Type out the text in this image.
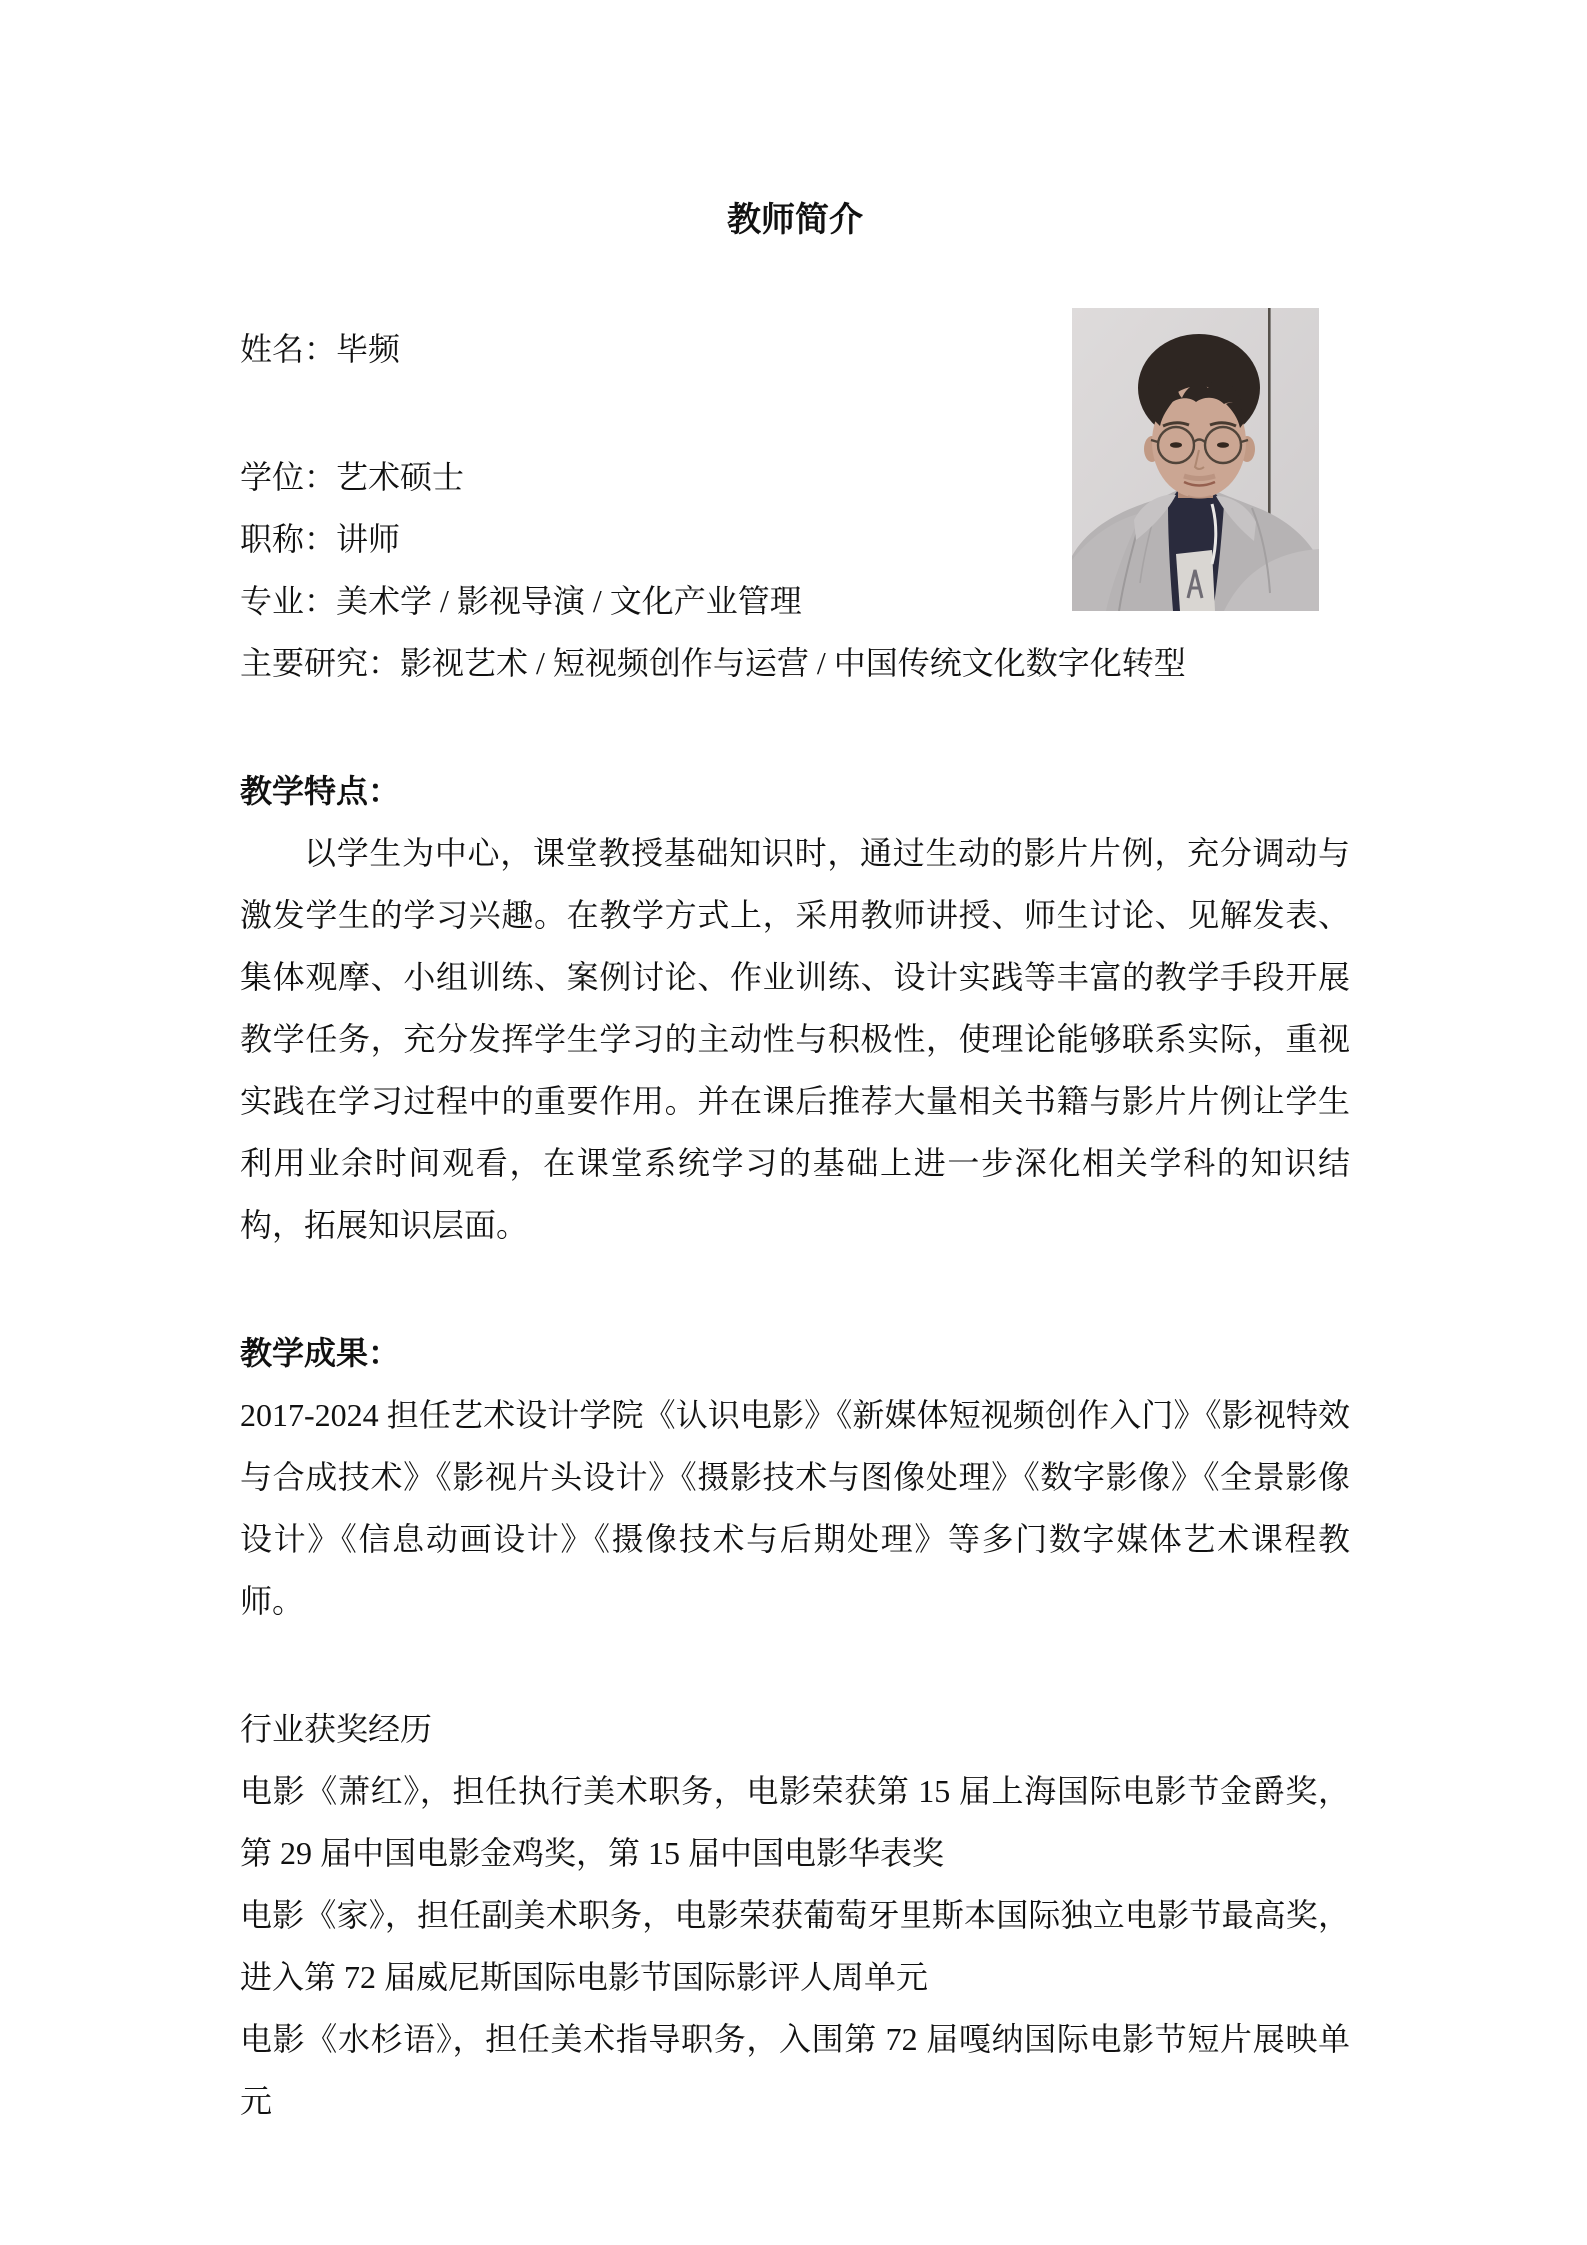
教师简介
姓名：毕频
学位：艺术硕士
职称：讲师
专业：美术学 / 影视导演 / 文化产业管理
主要研究：影视艺术 / 短视频创作与运营 / 中国传统文化数字化转型
教学特点：

以学生为中心，课堂教授基础知识时，通过生动的影片片例，充分调动与激发学生的学习兴趣。在教学方式上，采用教师讲授、师生讨论、见解发表、集体观摩、小组训练、案例讨论、作业训练、设计实践等丰富的教学手段开展教学任务，充分发挥学生学习的主动性与积极性，使理论能够联系实际，重视实践在学习过程中的重要作用。并在课后推荐大量相关书籍与影片片例让学生利用业余时间观看，在课堂系统学习的基础上进一步深化相关学科的知识结构，拓展知识层面。

教学成果：

2017-2024 担任艺术设计学院《认识电影》《新媒体短视频创作入门》《影视特效与合成技术》《影视片头设计》《摄影技术与图像处理》《数字影像》《全景影像设计》《信息动画设计》《摄像技术与后期处理》等多门数字媒体艺术课程教师。

行业获奖经历

电影《萧红》，担任执行美术职务，电影荣获第 15 届上海国际电影节金爵奖，第 29 届中国电影金鸡奖，第 15 届中国电影华表奖

电影《家》，担任副美术职务，电影荣获葡萄牙里斯本国际独立电影节最高奖，进入第 72 届威尼斯国际电影节国际影评人周单元

电影《水杉语》，担任美术指导职务，入围第 72 届嘎纳国际电影节短片展映单元
